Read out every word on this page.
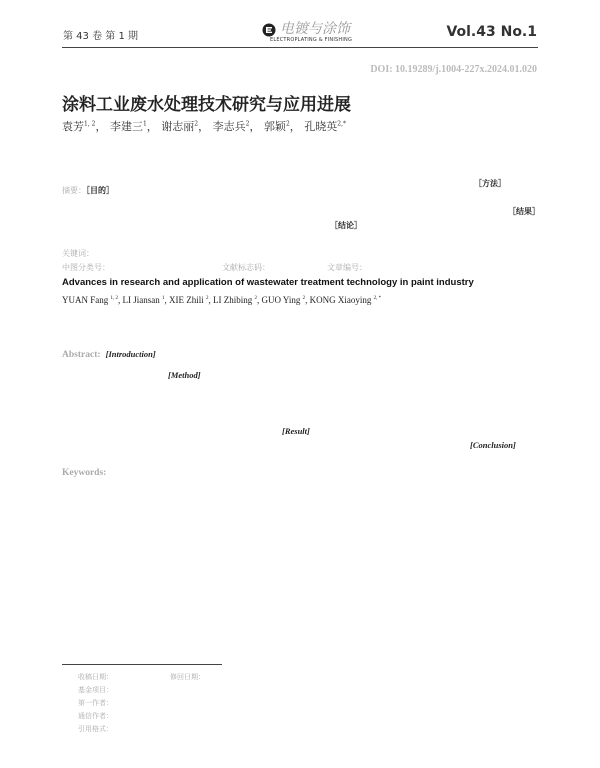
第 43 卷 第 1 期	电镀与涂饰
ELECTROPLATING & FINISHING	Vol.43 No.1
DOI: 10.19289/j.1004-227x.2024.01.020
涂料工业废水处理技术研究与应用进展
袁芳$^{1, 2}$， 李建三$^1$， 谢志丽$^2$， 李志兵$^2$， 郭颖$^2$， 孔晓英$^{2,*}$
摘要：［目的］
［方法］
［结果］
［结论］
关键词：
中图分类号：	文献标志码：	文章编号：
Advances in research and application of wastewater treatment technology in paint industry
YUAN Fang $^{1, 2}$, LI Jiansan $^1$, XIE Zhili $^2$, LI Zhibing $^2$, GUO Ying $^2$, KONG Xiaoying $^{2, *}$
Abstract: [Introduction]
[Method]
[Result]
[Conclusion]
Keywords:
收稿日期：	修回日期：
基金项目：
第一作者：
通信作者：
引用格式：
